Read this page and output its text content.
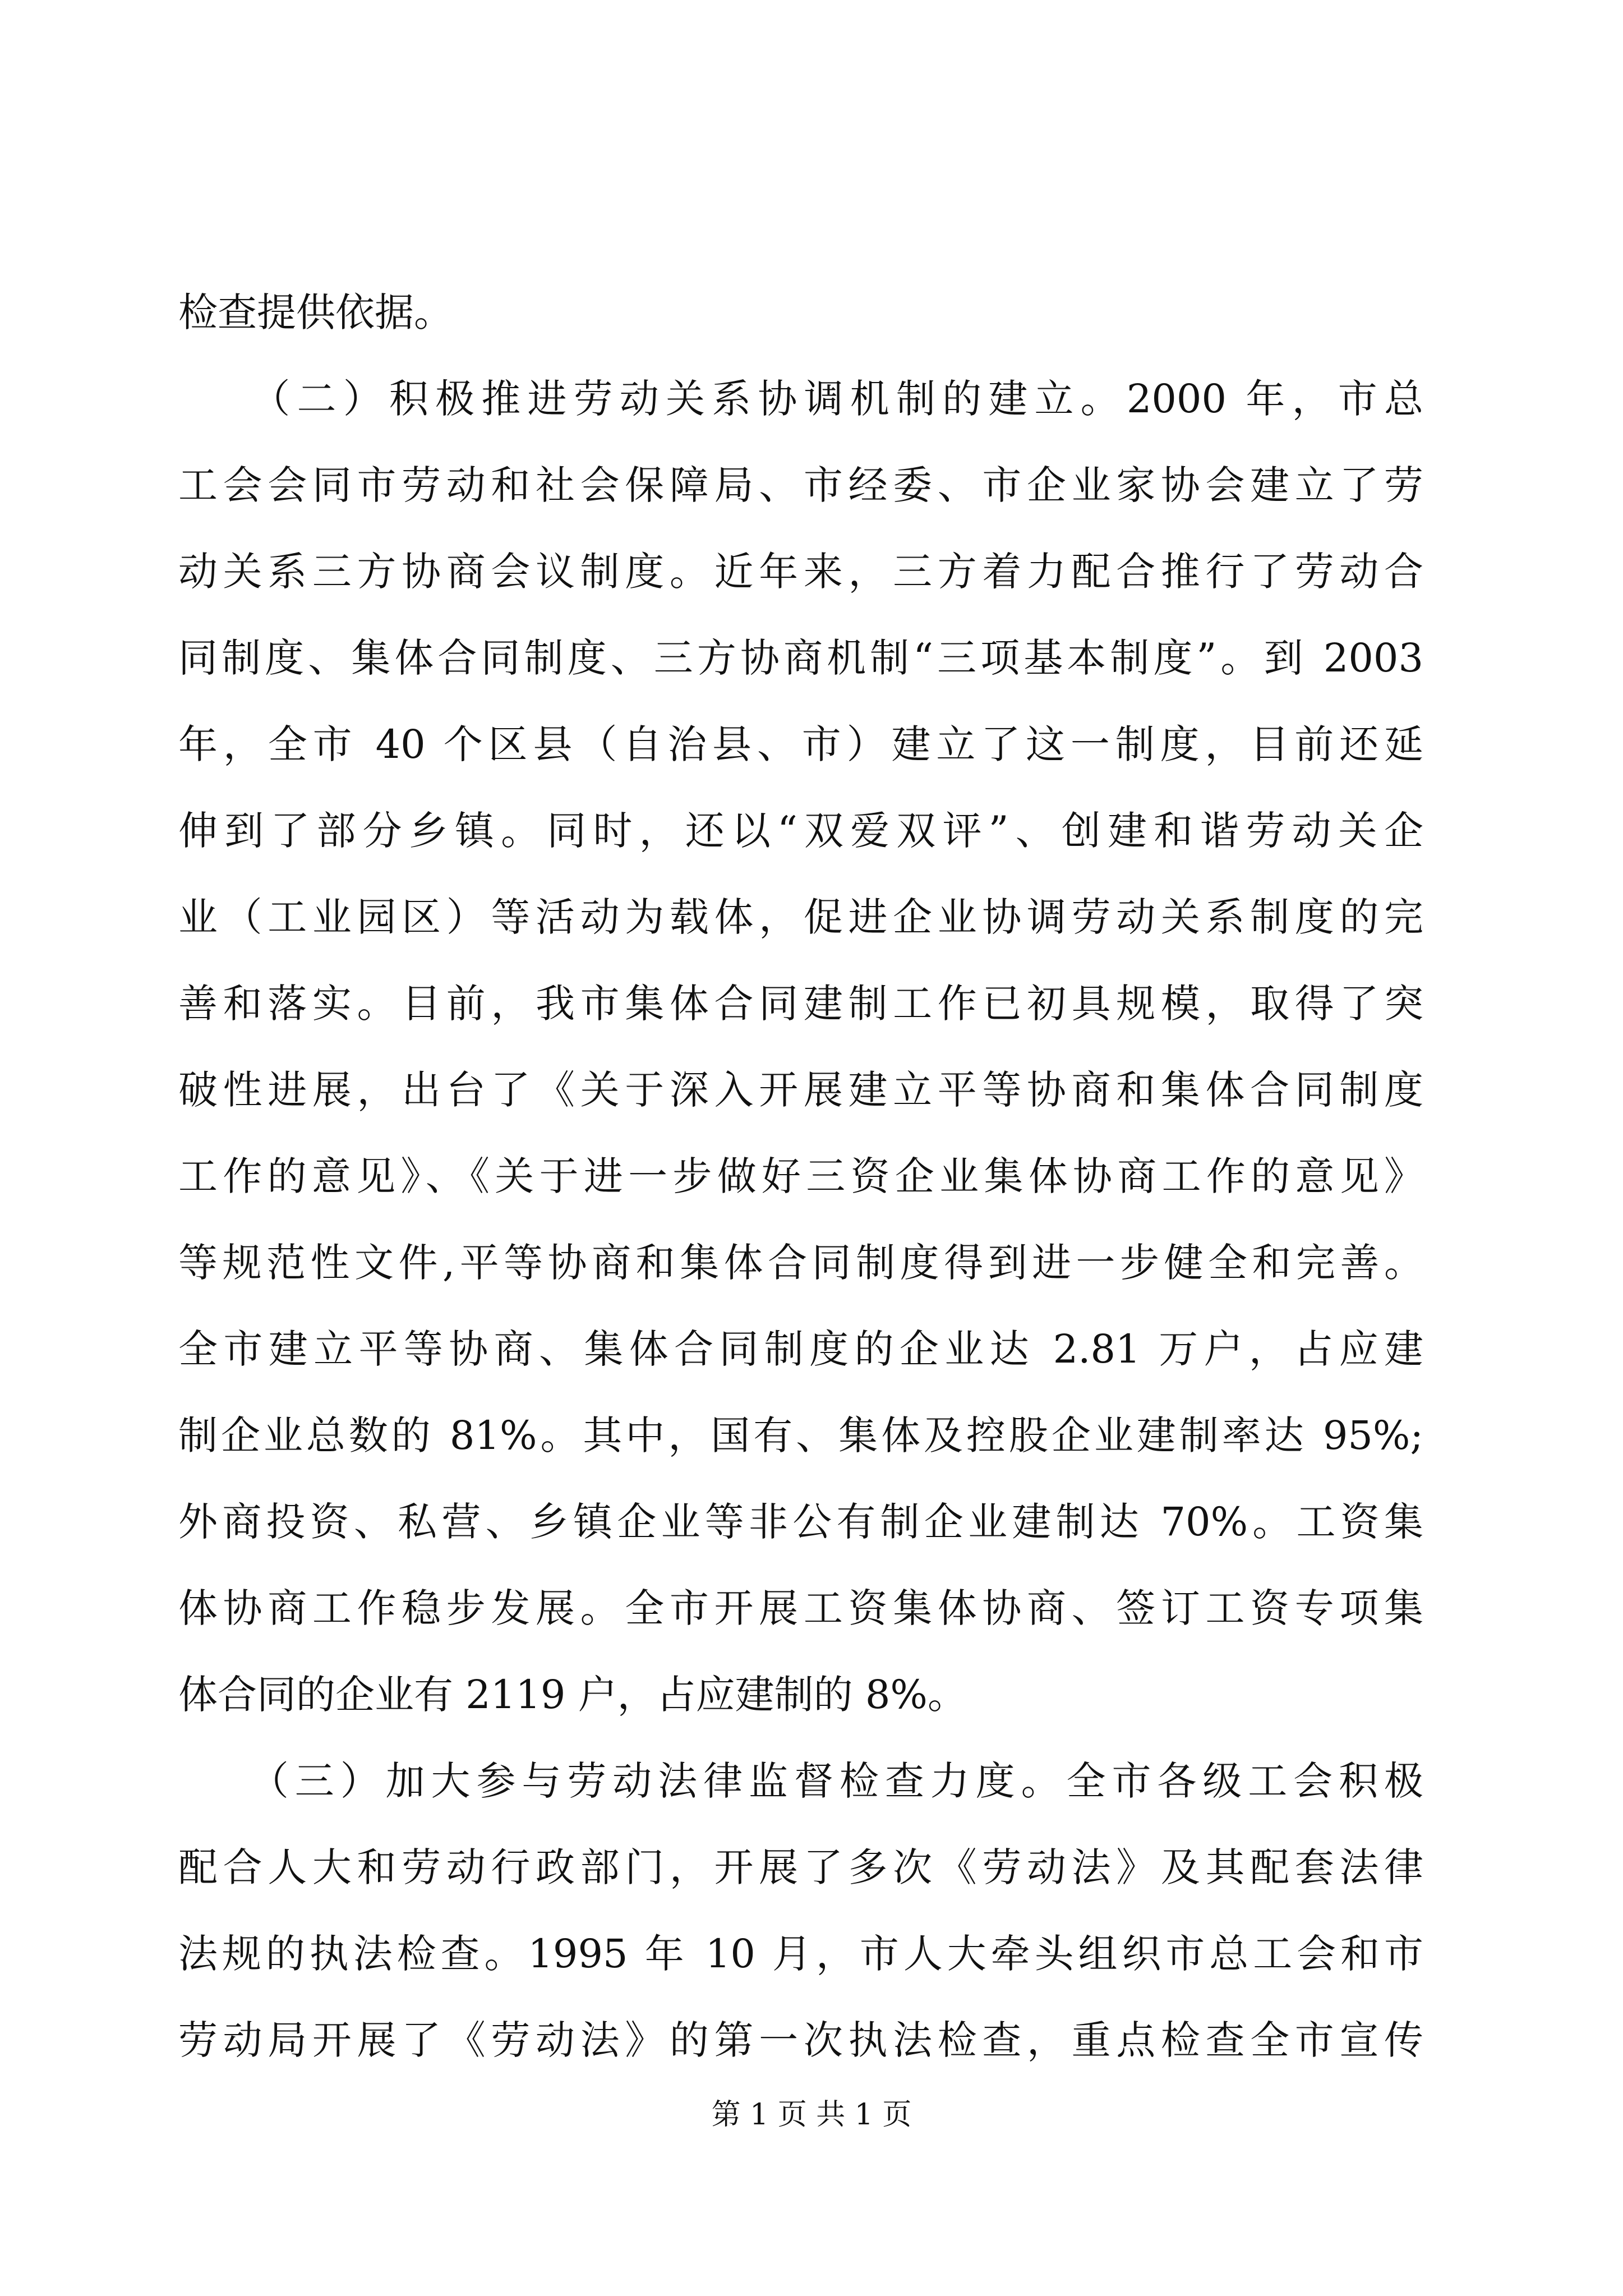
检查提供依据。
　　（二）积极推进劳动关系协调机制的建立。2000 年，市总
工会会同市劳动和社会保障局、市经委、市企业家协会建立了劳
动关系三方协商会议制度。近年来，三方着力配合推行了劳动合
同制度、集体合同制度、三方协商机制“三项基本制度”。到 2003
年，全市 40 个区县（自治县、市）建立了这一制度，目前还延
伸到了部分乡镇。同时，还以“双爱双评”、创建和谐劳动关企
业（工业园区）等活动为载体，促进企业协调劳动关系制度的完
善和落实。目前，我市集体合同建制工作已初具规模，取得了突
破性进展，出台了《关于深入开展建立平等协商和集体合同制度
工作的意见》、《关于进一步做好三资企业集体协商工作的意见》
等规范性文件,平等协商和集体合同制度得到进一步健全和完善。
全市建立平等协商、集体合同制度的企业达 2.81 万户，占应建
制企业总数的 81%。其中，国有、集体及控股企业建制率达 95%;
外商投资、私营、乡镇企业等非公有制企业建制达 70%。工资集
体协商工作稳步发展。全市开展工资集体协商、签订工资专项集
体合同的企业有 2119 户，占应建制的 8%。
　　（三）加大参与劳动法律监督检查力度。全市各级工会积极
配合人大和劳动行政部门，开展了多次《劳动法》及其配套法律
法规的执法检查。1995 年 10 月，市人大牵头组织市总工会和市
劳动局开展了《劳动法》的第一次执法检查，重点检查全市宣传
第 1 页 共 1 页
